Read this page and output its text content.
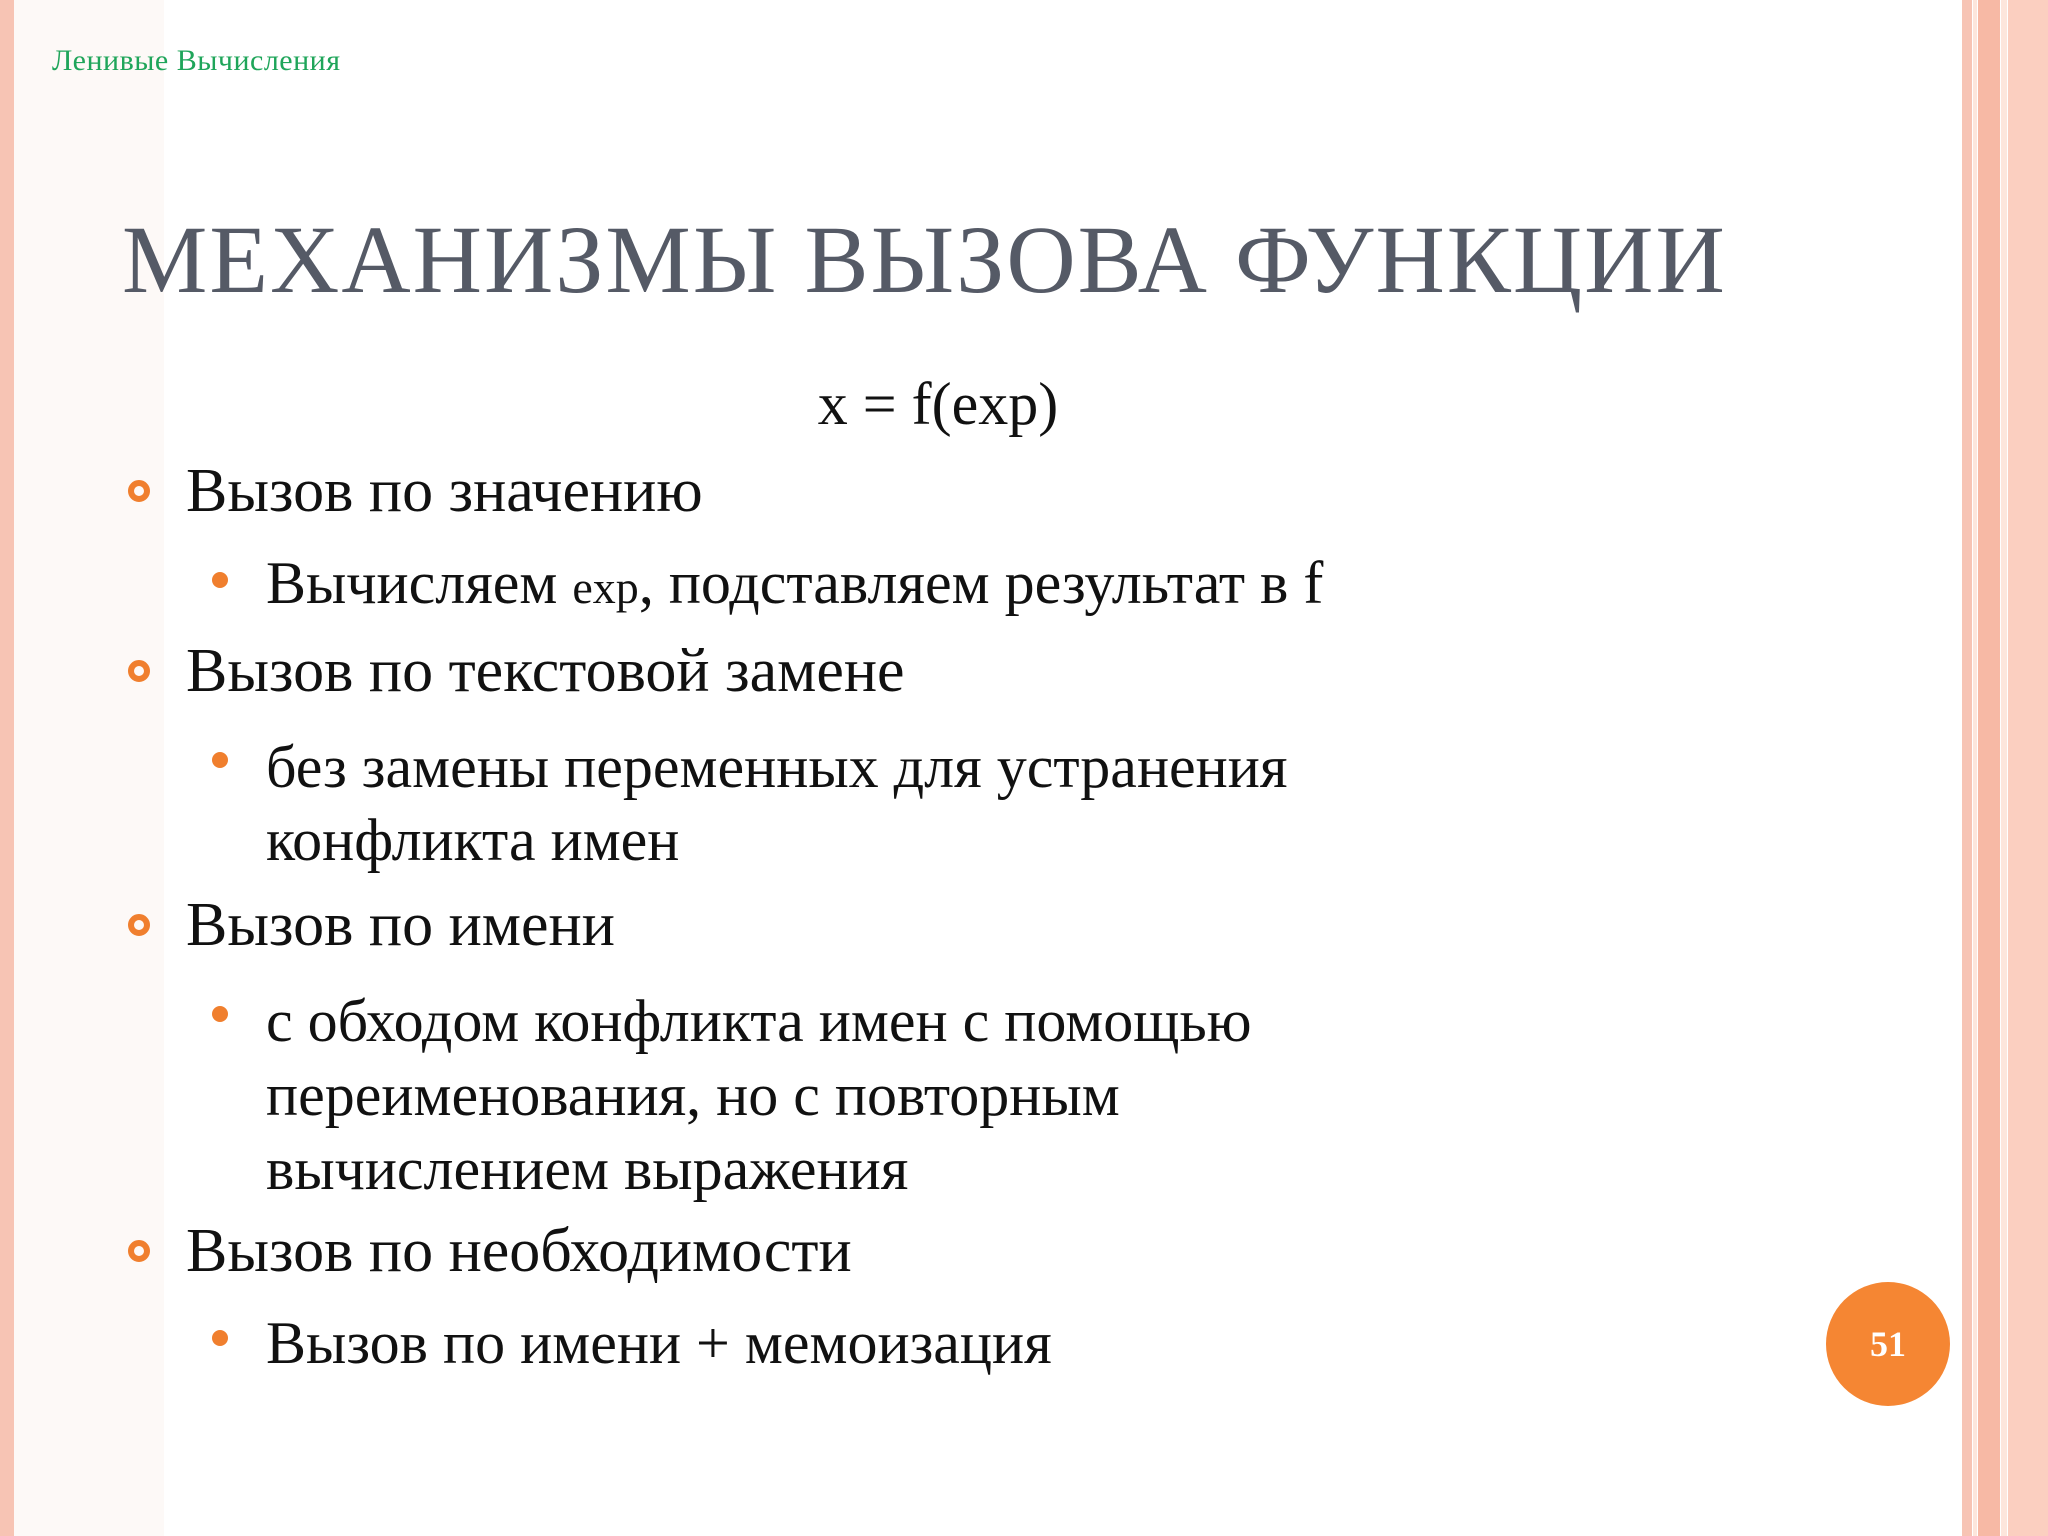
Ленивые Вычисления
МЕХАНИЗМЫ ВЫЗОВА ФУНКЦИИ
x = f(exp)
Вызов по значению
Вычисляем exp, подставляем результат в f
Вызов по текстовой замене
без замены переменных для устранения
конфликта имен
Вызов по имени
с обходом конфликта имен с помощью
переименования, но с повторным
вычислением выражения
Вызов по необходимости
Вызов по имени + мемоизация	51
